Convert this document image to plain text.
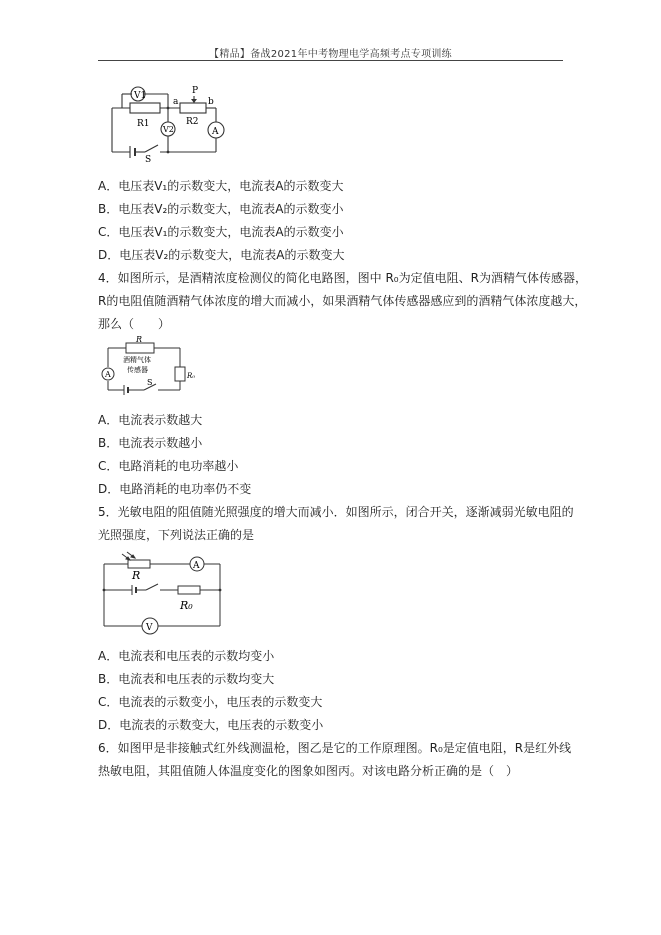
【精品】备战2021年中考物理电学高频考点专项训练
V1
R1
V2
a
P
b
R2
A
S
A．电压表V₁的示数变大，电流表A的示数变大
B．电压表V₂的示数变大，电流表A的示数变小
C．电压表V₁的示数变大，电流表A的示数变小
D．电压表V₂的示数变大，电流表A的示数变大
4．如图所示，是酒精浓度检测仪的简化电路图，图中 R₀为定值电阻、R为酒精气体传感器，
R的电阻值随酒精气体浓度的增大而减小，如果酒精气体传感器感应到的酒精气体浓度越大，
那么（　　）
R
酒精气体
传感器
R₀
A
S
A．电流表示数越大
B．电流表示数越小
C．电路消耗的电功率越小
D．电路消耗的电功率仍不变
5．光敏电阻的阻值随光照强度的增大而减小．如图所示，闭合开关，逐渐减弱光敏电阻的
光照强度，下列说法正确的是
R
R₀
A
V
A．电流表和电压表的示数均变小
B．电流表和电压表的示数均变大
C．电流表的示数变小，电压表的示数变大
D．电流表的示数变大，电压表的示数变小
6．如图甲是非接触式红外线测温枪，图乙是它的工作原理图。R₀是定值电阻，R是红外线
热敏电阻，其阻值随人体温度变化的图象如图丙。对该电路分析正确的是（　）
